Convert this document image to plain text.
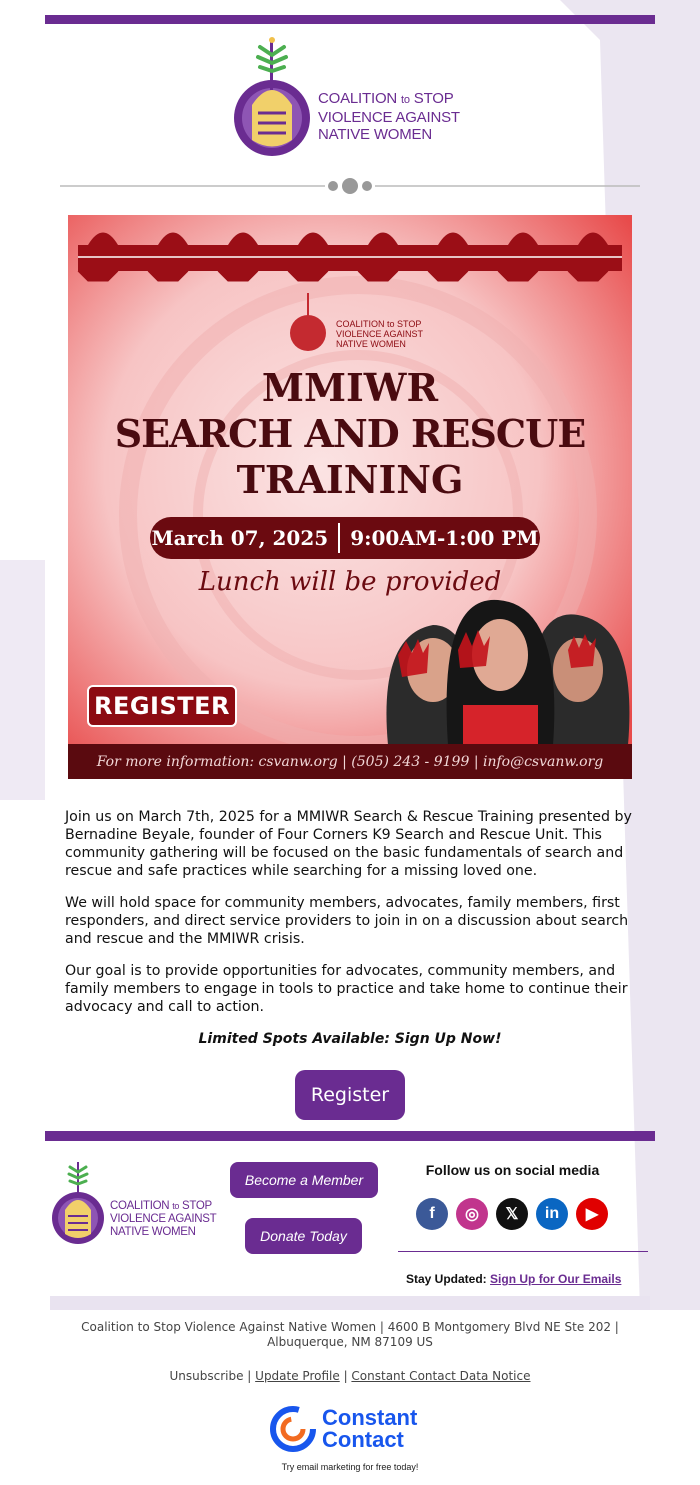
COALITION to STOP
VIOLENCE AGAINST
NATIVE WOMEN
COALITION to STOP
VIOLENCE AGAINST
NATIVE WOMEN
MMIWR
SEARCH AND RESCUE
TRAINING
March 07, 2025 9:00AM-1:00 PM
Lunch will be provided
REGISTER
For more information: csvanw.org | (505) 243 - 9199 | info@csvanw.org

Join us on March 7th, 2025 for a MMIWR Search & Rescue Training presented by Bernadine Beyale, founder of Four Corners K9 Search and Rescue Unit. This community gathering will be focused on the basic fundamentals of search and rescue and safe practices while searching for a missing loved one.

We will hold space for community members, advocates, family members, first responders, and direct service providers to join in on a discussion about search and rescue and the MMIWR crisis.

Our goal is to provide opportunities for advocates, community members, and family members to engage in tools to practice and take home to continue their advocacy and call to action.

Limited Spots Available: Sign Up Now!
Register
COALITION to STOP
VIOLENCE AGAINST
NATIVE WOMEN
Become a Member
Donate Today
Follow us on social media
f	◎	𝕏	in	▶
Stay Updated: Sign Up for Our Emails
Coalition to Stop Violence Against Native Women | 4600 B Montgomery Blvd NE Ste 202 |
Albuquerque, NM 87109 US
Unsubscribe | Update Profile | Constant Contact Data Notice
Constant
Contact
Try email marketing for free today!
